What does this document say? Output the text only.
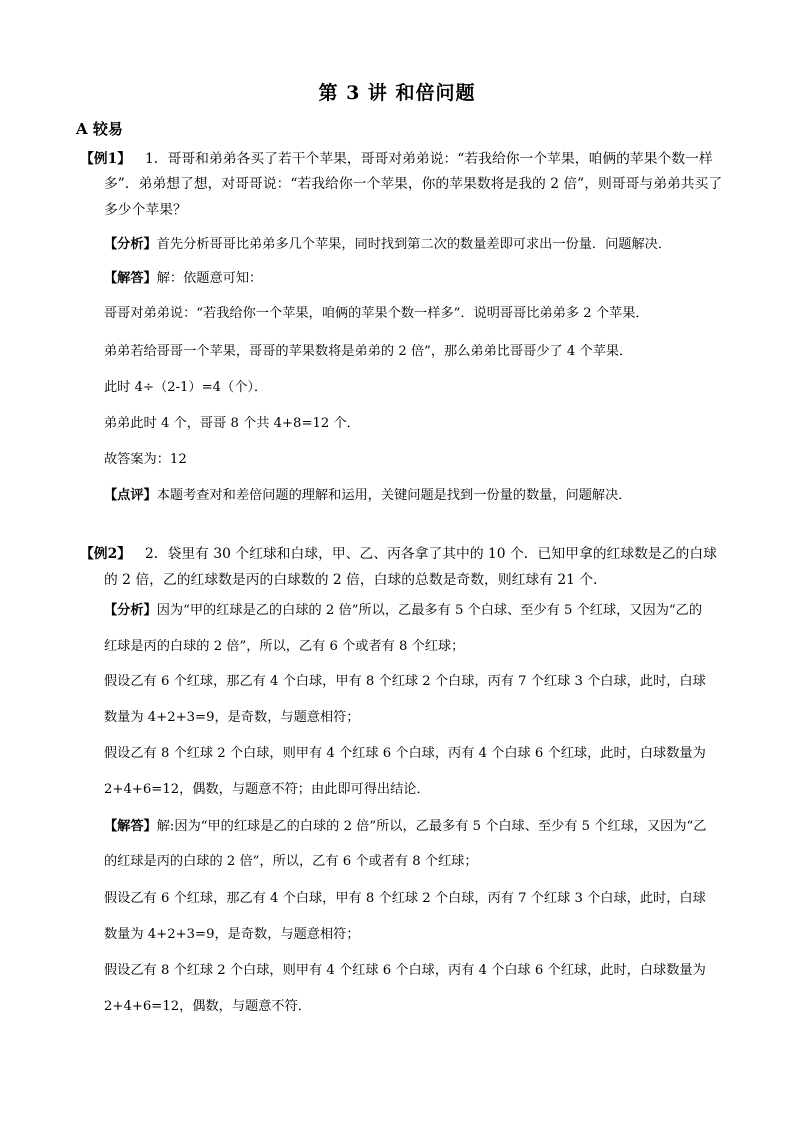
第 3 讲 和倍问题
A 较易
【例1】 1．哥哥和弟弟各买了若干个苹果，哥哥对弟弟说：“若我给你一个苹果，咱俩的苹果个数一样
多”．弟弟想了想，对哥哥说：“若我给你一个苹果，你的苹果数将是我的 2 倍”，则哥哥与弟弟共买了
多少个苹果？
【分析】首先分析哥哥比弟弟多几个苹果，同时找到第二次的数量差即可求出一份量．问题解决．
【解答】解：依题意可知：
哥哥对弟弟说：“若我给你一个苹果，咱俩的苹果个数一样多”．说明哥哥比弟弟多 2 个苹果．
弟弟若给哥哥一个苹果，哥哥的苹果数将是弟弟的 2 倍”，那么弟弟比哥哥少了 4 个苹果．
此时 4÷（2-1）=4（个）．
弟弟此时 4 个，哥哥 8 个共 4+8=12 个．
故答案为：12
【点评】本题考查对和差倍问题的理解和运用，关键问题是找到一份量的数量，问题解决．
【例2】 2．袋里有 30 个红球和白球，甲、乙、丙各拿了其中的 10 个．已知甲拿的红球数是乙的白球
的 2 倍，乙的红球数是丙的白球数的 2 倍，白球的总数是奇数，则红球有 21 个．
【分析】因为“甲的红球是乙的白球的 2 倍”所以，乙最多有 5 个白球、至少有 5 个红球，又因为“乙的
红球是丙的白球的 2 倍”，所以，乙有 6 个或者有 8 个红球；
假设乙有 6 个红球，那乙有 4 个白球，甲有 8 个红球 2 个白球，丙有 7 个红球 3 个白球，此时，白球
数量为 4+2+3=9，是奇数，与题意相符；
假设乙有 8 个红球 2 个白球，则甲有 4 个红球 6 个白球，丙有 4 个白球 6 个红球，此时，白球数量为
2+4+6=12，偶数，与题意不符；由此即可得出结论．
【解答】解:因为“甲的红球是乙的白球的 2 倍”所以，乙最多有 5 个白球、至少有 5 个红球，又因为“乙
的红球是丙的白球的 2 倍”，所以，乙有 6 个或者有 8 个红球；
假设乙有 6 个红球，那乙有 4 个白球，甲有 8 个红球 2 个白球，丙有 7 个红球 3 个白球，此时，白球
数量为 4+2+3=9，是奇数，与题意相符；
假设乙有 8 个红球 2 个白球，则甲有 4 个红球 6 个白球，丙有 4 个白球 6 个红球，此时，白球数量为
2+4+6=12，偶数，与题意不符．
